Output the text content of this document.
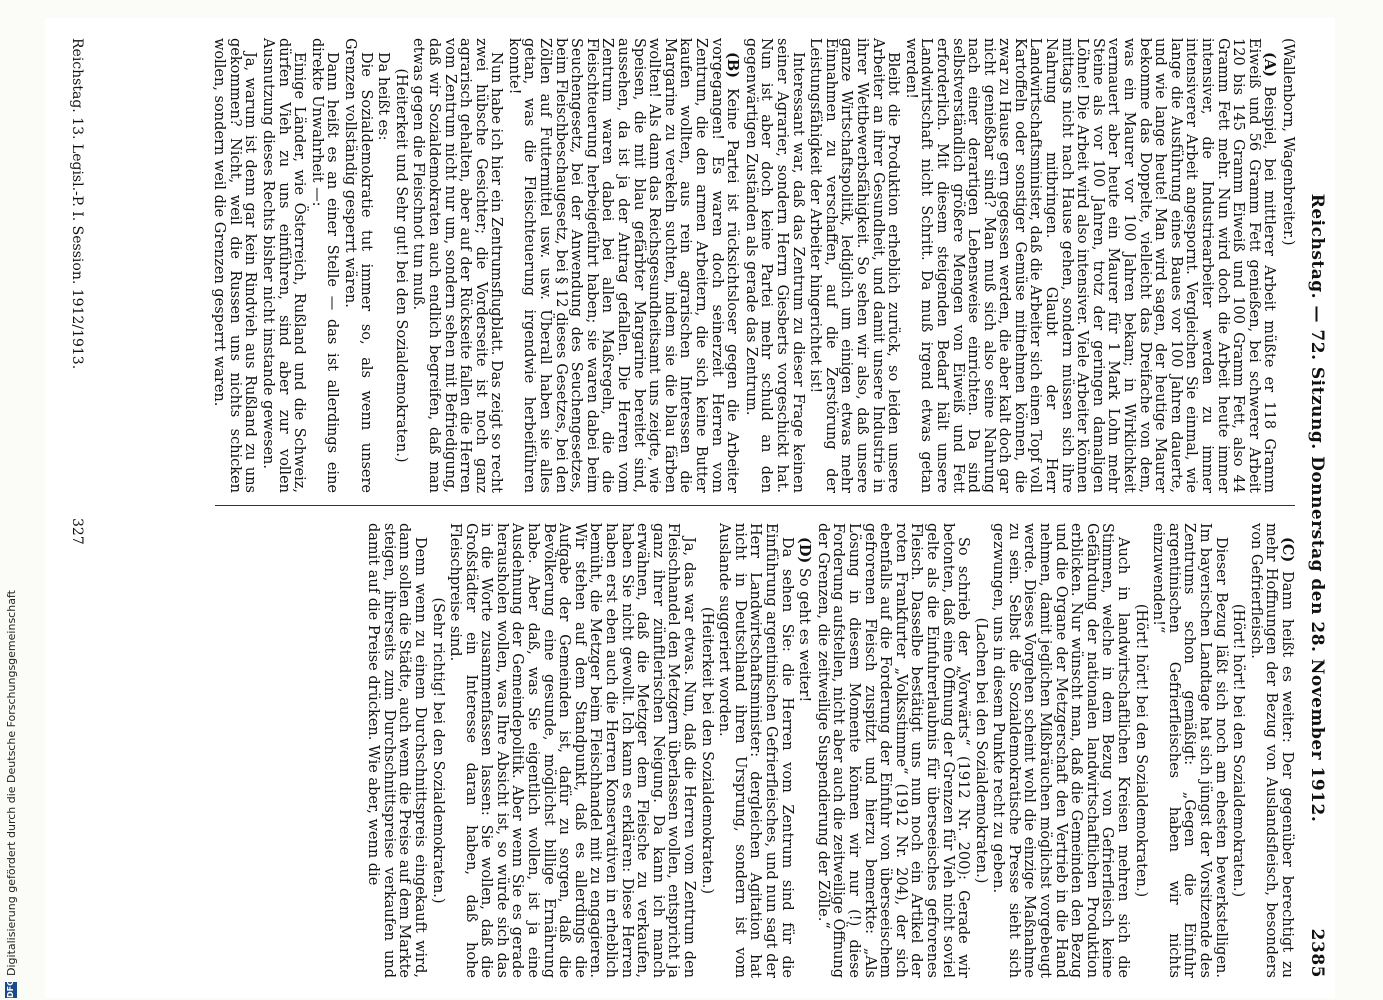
Reichstag. — 72. Sitzung. Donnerstag den 28. November 1912.
2385

(Wallenborn, Wagenbreiter.)

(A) Beispiel, bei mittlerer Arbeit müßte er 118 Gramm Eiweiß und 56 Gramm Fett genießen, bei schwerer Arbeit 120 bis 145 Gramm Eiweiß und 100 Gramm Fett, also 44 Gramm Fett mehr. Nun wird doch die Arbeit heute immer intensiver, die Industriearbeiter werden zu immer intensiverer Arbeit angespornt. Vergleichen Sie einmal, wie lange die Ausführung eines Baues vor 100 Jahren dauerte, und wie lange heute! Man wird sagen, der heutige Maurer bekomme das Doppelte, vielleicht das Dreifache von dem, was ein Maurer vor 100 Jahren bekam; in Wirklichkeit vermauert aber heute ein Maurer für 1 Mark Lohn mehr Steine als vor 100 Jahren, trotz der geringen damaligen Löhne! Die Arbeit wird also intensiver. Viele Arbeiter können mittags nicht nach Hause gehen, sondern müssen sich ihre Nahrung mitbringen. Glaubt der Herr Landwirtschaftsminister, daß die Arbeiter sich einen Topf voll Kartoffeln oder sonstiger Gemüse mitnehmen können, die zwar zu Hause gern gegessen werden, die aber kalt doch gar nicht genießbar sind? Man muß sich also seine Nahrung nach einer derartigen Lebensweise einrichten. Da sind selbstverständlich größere Mengen von Eiweiß und Fett erforderlich. Mit diesem steigenden Bedarf hält unsere Landwirtschaft nicht Schritt. Da muß irgend etwas getan werden!

Bleibt die Produktion erheblich zurück, so leiden unsere Arbeiter an ihrer Gesundheit, und damit unsere Industrie in ihrer Wettbewerbsfähigkeit. So sehen wir also, daß unsere ganze Wirtschaftspolitik, lediglich um einigen etwas mehr Einnahmen zu verschaffen, auf die Zerstörung der Leistungsfähigkeit der Arbeiter hingerichtet ist!

Interessant war, daß das Zentrum zu dieser Frage keinen seiner Agrarier, sondern Herrn Giesberts vorgeschickt hat. Nun ist aber doch keine Partei mehr schuld an den gegenwärtigen Zuständen als gerade das Zentrum.

(B) Keine Partei ist rücksichtsloser gegen die Arbeiter vorgegangen! Es waren doch seinerzeit Herren vom Zentrum, die den armen Arbeitern, die sich keine Butter kaufen wollten, aus rein agrarischen Interessen die Margarine zu verekeln suchten, indem sie die blau färben wollten! Als dann das Reichsgesundheitsamt uns zeigte, wie Speisen, die mit blau gefärbter Margarine bereitet sind, aussehen, da ist ja der Antrag gefallen. Die Herren vom Zentrum waren dabei bei allen Maßregeln, die die Fleischteuerung herbeigeführt haben; sie waren dabei beim Seuchengesetz, bei der Anwendung des Seuchengesetzes, beim Fleischbeschaugesetz, bei § 12 dieses Gesetzes, bei den Zöllen auf Futtermittel usw. usw. Überall haben sie alles getan, was die Fleischteuerung irgendwie herbeiführen konnte!

Nun habe ich hier ein Zentrumsflugblatt. Das zeigt so recht zwei hübsche Gesichter; die Vorderseite ist noch ganz agrarisch gehalten, aber auf der Rückseite fallen die Herren vom Zentrum nicht nur um, sondern sehen mit Befriedigung, daß wir Sozialdemokraten auch endlich begreifen, daß man etwas gegen die Fleischnot tun muß.

(Heiterkeit und Sehr gut! bei den Sozialdemokraten.)

Da heißt es:

Die Sozialdemokratie tut immer so, als wenn unsere Grenzen vollständig gesperrt wären.

Dann heißt es an einer Stelle — das ist allerdings eine direkte Unwahrheit —:

Einige Länder, wie Österreich, Rußland und die Schweiz, dürfen Vieh zu uns einführen, sind aber zur vollen Ausnutzung dieses Rechts bisher nicht imstande gewesen.

Ja, warum ist denn gar kein Rindvieh aus Rußland zu uns gekommen? Nicht, weil die Russen uns nichts schicken wollen, sondern weil die Grenzen gesperrt waren.

(C) Dann heißt es weiter: Der gegenüber berechtigt zu mehr Hoffnungen der Bezug von Auslandsfleisch, besonders von Gefrierfleisch.

(Hört! hört! bei den Sozialdemokraten.)

Dieser Bezug läßt sich noch am ehesten bewerkstelligen. Im bayerischen Landtage hat sich jüngst der Vorsitzende des Zentrums schon gemäßigt: „Gegen die Einfuhr argentinischen Gefrierfleisches haben wir nichts einzuwenden!“

(Hört! hört! bei den Sozialdemokraten.)

Auch in landwirtschaftlichen Kreisen mehren sich die Stimmen, welche in dem Bezug von Gefrierfleisch keine Gefährdung der nationalen landwirtschaftlichen Produktion erblicken. Nur wünscht man, daß die Gemeinden den Bezug und die Organe der Metzgerschaft den Vertrieb in die Hand nehmen, damit jeglichen Mißbräuchen möglichst vorgebeugt werde. Dieses Vorgehen scheint wohl die einzige Maßnahme zu sein. Selbst die Sozialdemokratische Presse sieht sich gezwungen, uns in diesem Punkte recht zu geben.

(Lachen bei den Sozialdemokraten.)

So schrieb der „Vorwärts“ (1912 Nr. 200): Gerade wir betonten, daß eine Öffnung der Grenzen für Vieh nicht soviel gelte als die Einfuhrerlaubnis für überseeisches gefrorenes Fleisch. Dasselbe bestätigt uns nun noch ein Artikel der roten Frankfurter „Volksstimme“ (1912 Nr. 204), der sich ebenfalls auf die Forderung der Einfuhr von überseeischem gefrorenen Fleisch zuspitzt und hierzu bemerkte: „Als Lösung in diesem Momente können wir nur (!) diese Forderung aufstellen, nicht aber auch die zeitweilige Öffnung der Grenzen, die zeitweilige Suspendierung der Zölle.“

(D) So geht es weiter!

Da sehen Sie: die Herren vom Zentrum sind für die Einführung argentinischen Gefrierfleisches, und nun sagt der Herr Landwirtschaftsminister: dergleichen Agitation hat nicht in Deutschland ihren Ursprung, sondern ist vom Auslande suggeriert worden.

(Heiterkeit bei den Sozialdemokraten.)

Ja, das war etwas. Nun, daß die Herren vom Zentrum den Fleischhandel den Metzgern überlassen wollen, entspricht ja ganz ihrer zünftlerischen Neigung. Da kann ich manch erwähnen, daß die Metzger dem Fleische zu verkaufen, haben Sie nicht gewollt. Ich kann es erklären: Diese Herren haben erst eben auch die Herren Konservativen in erheblich bemüht, die Metzger beim Fleischhandel mit zu engagieren. Wir stehen auf dem Standpunkt, daß es allerdings die Aufgabe der Gemeinden ist, dafür zu sorgen, daß die Bevölkerung eine gesunde, möglichst billige Ernährung habe. Aber daß, was Sie eigentlich wollen, ist ja eine Ausdehnung der Gemeindepolitik. Aber wenn Sie es gerade herausholen wollen, was Ihre Absicht ist, so würde sich das in die Worte zusammenfassen lassen: Sie wollen, daß die Großstädter ein Interesse daran haben, daß hohe Fleischpreise sind.

(Sehr richtig! bei den Sozialdemokraten.)

Denn wenn zu einem Durchschnittspreis eingekauft wird, dann sollen die Städte, auch wenn die Preise auf dem Markte steigen, ihrerseits zum Durchschnittspreise verkaufen und damit auf die Preise drücken. Wie aber, wenn die

Reichstag. 13. Legisl.-P. I. Session. 1912/1913.
327
DFG
Digitalisierung gefördert durch die Deutsche Forschungsgemeinschaft
